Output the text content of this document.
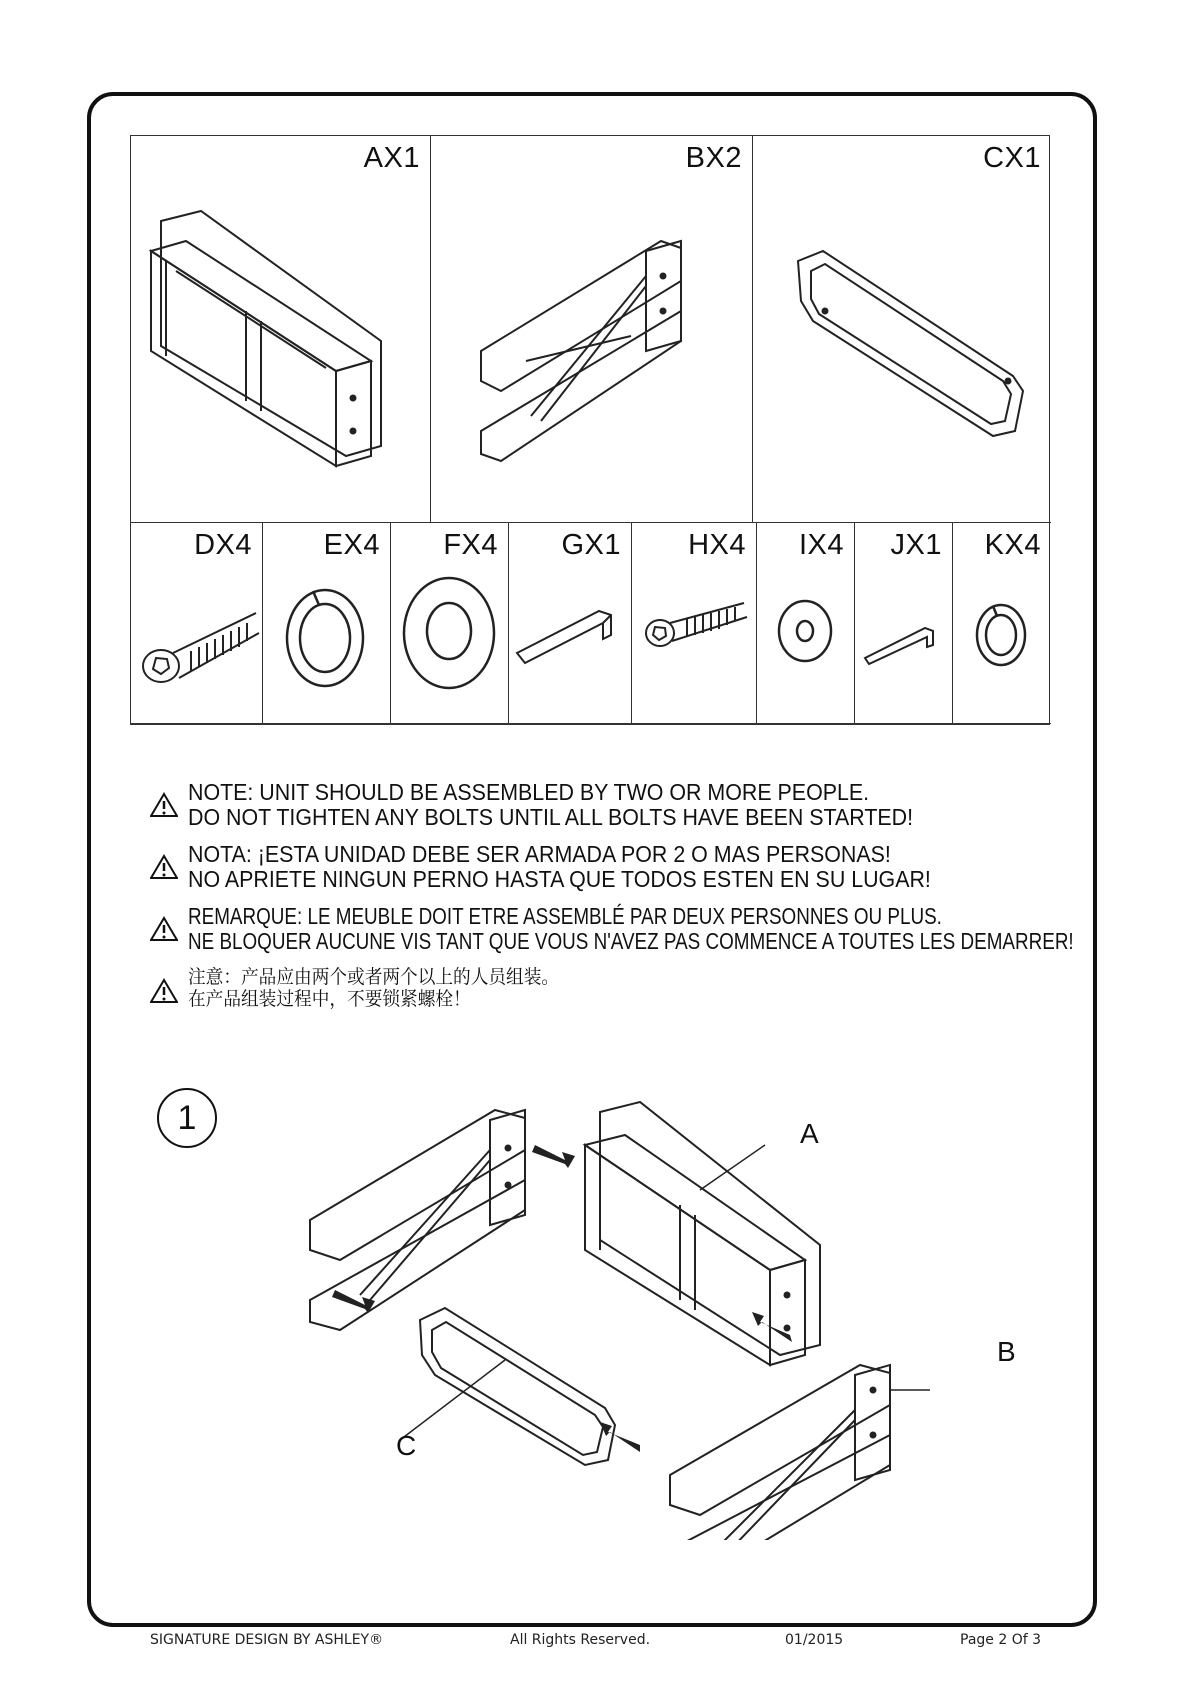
AX1	BX2	CX1
DX4 EX4 FX4 GX1 HX4 IX4 JX1 KX4
NOTE: UNIT SHOULD BE ASSEMBLED BY TWO OR MORE PEOPLE.
DO NOT TIGHTEN ANY BOLTS UNTIL ALL BOLTS HAVE BEEN STARTED!
NOTA: ¡ESTA UNIDAD DEBE SER ARMADA POR 2 O MAS PERSONAS!
NO APRIETE NINGUN PERNO HASTA QUE TODOS ESTEN EN SU LUGAR!
REMARQUE: LE MEUBLE DOIT ETRE ASSEMBLÉ PAR DEUX PERSONNES OU PLUS.
NE BLOQUER AUCUNE VIS TANT QUE VOUS N'AVEZ PAS COMMENCE A TOUTES LES DEMARRER!
注意：产品应由两个或者两个以上的人员组装。
在产品组装过程中，不要锁紧螺栓！
1	A
B
C
SIGNATURE DESIGN BY ASHLEY®	All Rights Reserved.	01/2015	Page 2 Of 3
